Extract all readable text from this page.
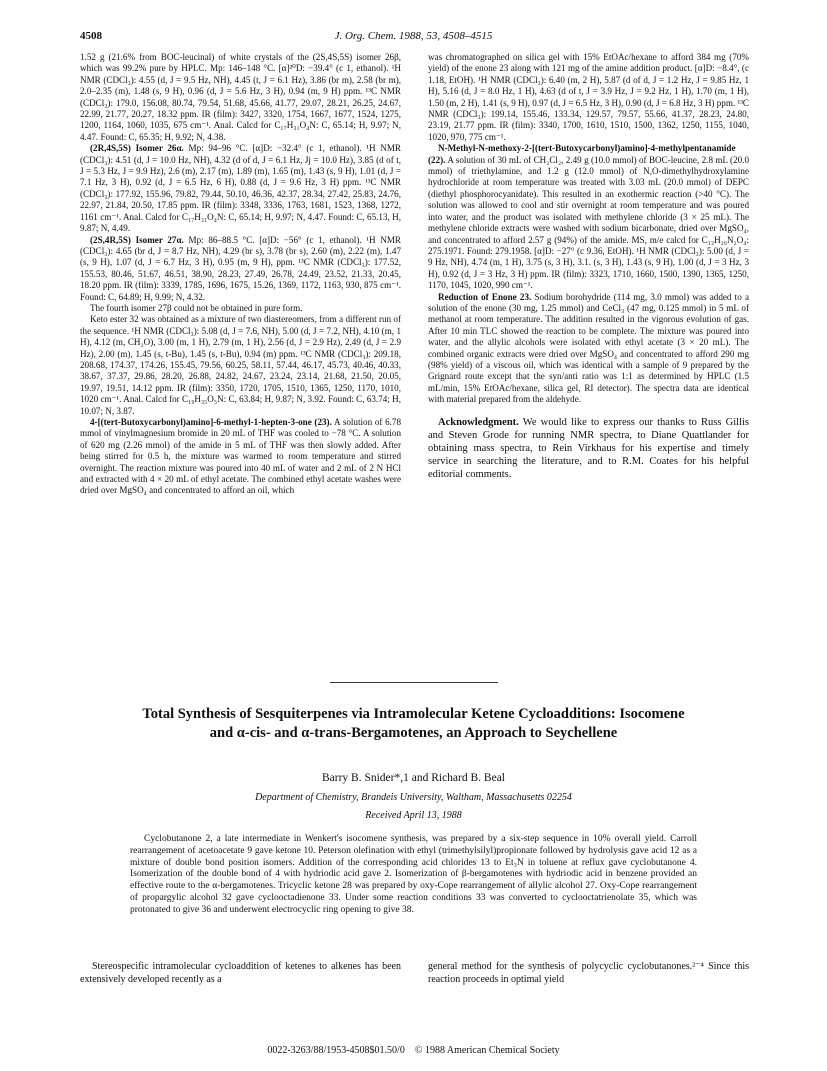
4508	J. Org. Chem. 1988, 53, 4508–4515

1.52 g (21.6% from BOC-leucinal) of white crystals of the (2S,4S,5S) isomer 26β, which was 99.2% pure by HPLC. Mp: 146–148 °C. [α]²⁰D: −39.4° (c 1, ethanol). ¹H NMR (CDCl₃): 4.55 (d, J = 9.5 Hz, NH), 4.45 (t, J = 6.1 Hz), 3.86 (br m), 2.58 (br m), 2.0–2.35 (m), 1.48 (s, 9 H), 0.96 (d, J = 5.6 Hz, 3 H), 0.94 (m, 9 H) ppm. ¹³C NMR (CDCl₃): 179.0, 156.08, 80.74, 79.54, 51.68, 45.66, 41.77, 29.07, 28.21, 26.25, 24.67, 22.99, 21.77, 20.27, 18.32 ppm. IR (film): 3427, 3320, 1754, 1667, 1677, 1524, 1275, 1200, 1164, 1060, 1035, 675 cm⁻¹. Anal. Calcd for C₁₇H₃₁O₄N: C, 65.14; H, 9.97; N, 4.47. Found: C, 65.35; H, 9.92; N, 4.38.

(2R,4S,5S) Isomer 26α. Mp: 94–96 °C. [α]D: −32.4° (c 1, ethanol). ¹H NMR (CDCl₃): 4.51 (d, J = 10.0 Hz, NH), 4.32 (d of d, J = 6.1 Hz, Jj = 10.0 Hz), 3.85 (d of t, J = 5.3 Hz, J = 9.9 Hz), 2.6 (m), 2.17 (m), 1.89 (m), 1.65 (m), 1.43 (s, 9 H), 1.01 (d, J = 7.1 Hz, 3 H), 0.92 (d, J = 6.5 Hz, 6 H), 0.88 (d, J = 9.6 Hz, 3 H) ppm. ¹³C NMR (CDCl₃): 177.92, 155.96, 79.82, 79.44, 50.10, 46.36, 42.37, 28.34, 27.42, 25.83, 24.76, 22.97, 21.84, 20.50, 17.85 ppm. IR (film): 3348, 3336, 1763, 1681, 1523, 1368, 1272, 1161 cm⁻¹. Anal. Calcd for C₁₇H₃₁O₄N: C, 65.14; H, 9.97; N, 4.47. Found: C, 65.13, H, 9.87; N, 4.49.

(2S,4R,5S) Isomer 27α. Mp: 86–88.5 °C. [α]D: −56° (c 1, ethanol). ¹H NMR (CDCl₃): 4.65 (br d, J = 8.7 Hz, NH), 4.29 (br s), 3.78 (br s), 2.60 (m), 2.22 (m), 1.47 (s, 9 H), 1.07 (d, J = 6.7 Hz, 3 H), 0.95 (m, 9 H), ppm. ¹³C NMR (CDCl₃): 177.52, 155.53, 80.46, 51.67, 46.51, 38.90, 28.23, 27.49, 26.78, 24.49, 23.52, 21.33, 20.45, 18.20 ppm. IR (film): 3339, 1785, 1696, 1675, 15.26, 1369, 1172, 1163, 930, 875 cm⁻¹. Found: C, 64.89; H, 9.99; N, 4.32.

The fourth isomer 27β could not be obtained in pure form.

Keto ester 32 was obtained as a mixture of two diastereomers, from a different run of the sequence. ¹H NMR (CDCl₃): 5.08 (d, J = 7.6, NH), 5.00 (d, J = 7.2, NH), 4.10 (m, 1 H), 4.12 (m, CH₂O), 3.00 (m, 1 H), 2.79 (m, 1 H), 2.56 (d, J = 2.9 Hz), 2.49 (d, J = 2.9 Hz), 2.00 (m), 1.45 (s, t-Bu), 1.45 (s, t-Bu), 0.94 (m) ppm. ¹³C NMR (CDCl₃): 209.18, 208.68, 174.37, 174.26, 155.45, 79.56, 60.25, 58.11, 57.44, 46.17, 45.73, 40.46, 40.33, 38.67, 37.37, 29.86, 28.20, 26.88, 24.82, 24.67, 23.24, 23.14, 21.68, 21.50, 20.05, 19.97, 19.51, 14.12 ppm. IR (film): 3350, 1720, 1705, 1510, 1365, 1250, 1170, 1010, 1020 cm⁻¹. Anal. Calcd for C₁₉H₃₅O₅N: C, 63.84; H, 9.87; N, 3.92. Found: C, 63.74; H, 10.07; N, 3.87.

4-[(tert-Butoxycarbonyl)amino]-6-methyl-1-hepten-3-one (23). A solution of 6.78 mmol of vinylmagnesium bromide in 20 mL of THF was cooled to −78 °C. A solution of 620 mg (2.26 mmol) of the amide in 5 mL of THF was then slowly added. After being stirred for 0.5 h, the mixture was warmed to room temperature and stirred overnight. The reaction mixture was poured into 40 mL of water and 2 mL of 2 N HCl and extracted with 4 × 20 mL of ethyl acetate. The combined ethyl acetate washes were dried over MgSO₄ and concentrated to afford an oil, which

was chromatographed on silica gel with 15% EtOAc/hexane to afford 384 mg (70% yield) of the enone 23 along with 121 mg of the amine addition product. [α]D: −8.4°, (c 1.18, EtOH). ¹H NMR (CDCl₃): 6.40 (m, 2 H), 5.87 (d of d, J = 1.2 Hz, J = 9.85 Hz, 1 H), 5.16 (d, J = 8.0 Hz, 1 H), 4.63 (d of t, J = 3.9 Hz, J = 9.2 Hz, 1 H), 1.70 (m, 1 H), 1.50 (m, 2 H), 1.41 (s, 9 H), 0.97 (d, J = 6.5 Hz, 3 H), 0.90 (d, J = 6.8 Hz, 3 H) ppm. ¹³C NMR (CDCl₃): 199.14, 155.46, 133.34, 129.57, 79.57, 55.66, 41.37, 28.23, 24.80, 23.19, 21.77 ppm. IR (film): 3340, 1700, 1610, 1510, 1500, 1362, 1250, 1155, 1040, 1020, 970, 775 cm⁻¹.

N-Methyl-N-methoxy-2-[(tert-Butoxycarbonyl)amino]-4-methylpentanamide (22). A solution of 30 mL of CH₂Cl₂, 2.49 g (10.0 mmol) of BOC-leucine, 2.8 mL (20.0 mmol) of triethylamine, and 1.2 g (12.0 mmol) of N,O-dimethylhydroxylamine hydrochloride at room temperature was treated with 3.03 mL (20.0 mmol) of DEPC (diethyl phosphorocyanidate). This resulted in an exothermic reaction (>40 °C). The solution was allowed to cool and stir overnight at room temperature and was poured into water, and the product was isolated with methylene chloride (3 × 25 mL). The methylene chloride extracts were washed with sodium bicarbonate, dried over MgSO₄, and concentrated to afford 2.57 g (94%) of the amide. MS, m/e calcd for C₁₃H₂₆N₂O₄: 275.1971. Found: 279.1958. [α]D: −27° (c 9.36, EtOH). ¹H NMR (CDCl₃): 5.00 (d, J = 9 Hz, NH), 4.74 (m, 1 H), 3.75 (s, 3 H), 3.1. (s, 3 H), 1.43 (s, 9 H), 1.00 (d, J = 3 Hz, 3 H), 0.92 (d, J = 3 Hz, 3 H) ppm. IR (film): 3323, 1710, 1660, 1500, 1390, 1365, 1250, 1170, 1045, 1020, 990 cm⁻¹.

Reduction of Enone 23. Sodium borohydride (114 mg, 3.0 mmol) was added to a solution of the enone (30 mg, 1.25 mmol) and CeCl₃ (47 mg, 0.125 mmol) in 5 mL of methanol at room temperature. The addition resulted in the vigorous evolution of gas. After 10 min TLC showed the reaction to be complete. The mixture was poured into water, and the allylic alcohols were isolated with ethyl acetate (3 × 20 mL). The combined organic extracts were dried over MgSO₄ and concentrated to afford 290 mg (98% yield) of a viscous oil, which was identical with a sample of 9 prepared by the Grignard route except that the syn/anti ratio was 1:1 as determined by HPLC (1.5 mL/min, 15% EtOAc/hexane, silica gel, RI detector). The spectra data are identical with material prepared from the aldehyde.

Acknowledgment. We would like to express our thanks to Russ Gillis and Steven Grode for running NMR spectra, to Diane Quattlander for obtaining mass spectra, to Rein Virkhaus for his expertise and timely service in searching the literature, and to R.M. Coates for his helpful editorial comments.

Total Synthesis of Sesquiterpenes via Intramolecular Ketene Cycloadditions: Isocomene and α-cis- and α-trans-Bergamotenes, an Approach to Seychellene
Barry B. Snider*,1 and Richard B. Beal
Department of Chemistry, Brandeis University, Waltham, Massachusetts 02254
Received April 13, 1988

Cyclobutanone 2, a late intermediate in Wenkert's isocomene synthesis, was prepared by a six-step sequence in 10% overall yield. Carroll rearrangement of acetoacetate 9 gave ketone 10. Peterson olefination with ethyl (trimethylsilyl)propionate followed by hydrolysis gave acid 12 as a mixture of double bond position isomers. Addition of the corresponding acid chlorides 13 to Et₃N in toluene at reflux gave cyclobutanone 4. Isomerization of the double bond of 4 with hydriodic acid gave 2. Isomerization of β-bergamotenes with hydriodic acid in benzene provided an effective route to the α-bergamotenes. Tricyclic ketone 28 was prepared by oxy-Cope rearrangement of allylic alcohol 27. Oxy-Cope rearrangement of propargylic alcohol 32 gave cyclooctadienone 33. Under some reaction conditions 33 was converted to cyclooctatrienolate 35, which was protonated to give 36 and underwent electrocyclic ring opening to give 38.

Stereospecific intramolecular cycloaddition of ketenes to alkenes has been extensively developed recently as a

general method for the synthesis of polycyclic cyclobutanones.²⁻⁴ Since this reaction proceeds in optimal yield

0022-3263/88/1953-4508$01.50/0 © 1988 American Chemical Society
